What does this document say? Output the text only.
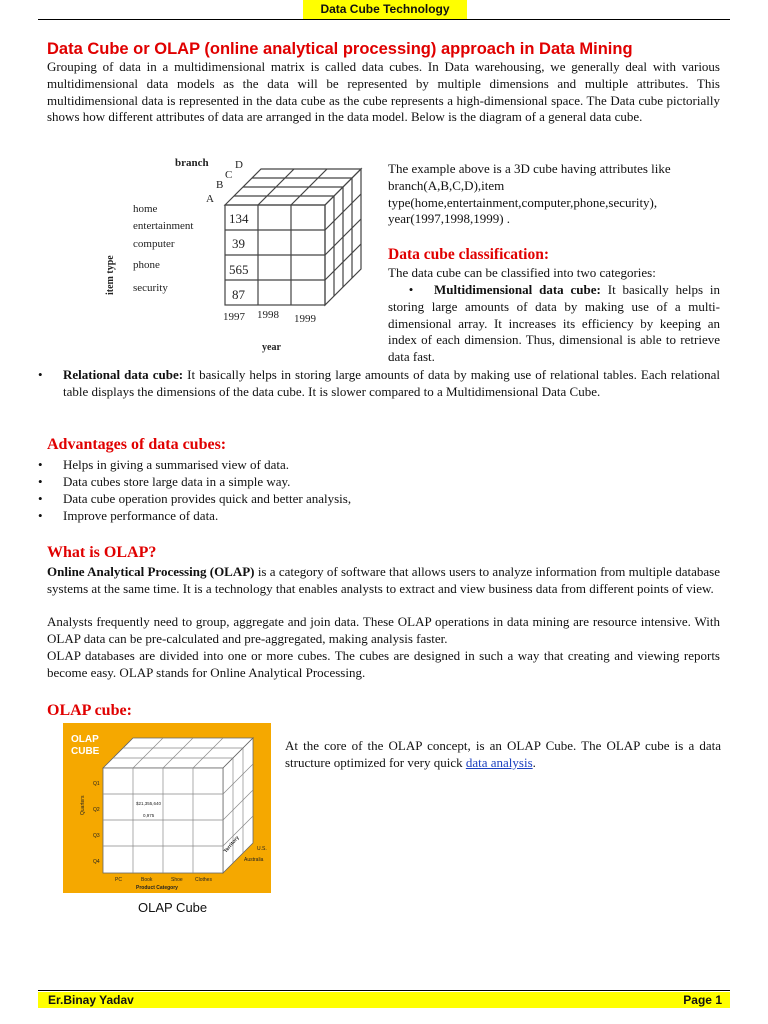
Data Cube Technology
Data Cube or OLAP (online analytical processing) approach in Data Mining

Grouping of data in a multidimensional matrix is called data cubes. In Data warehousing, we generally deal with various multidimensional data models as the data will be represented by multiple dimensions and multiple attributes. This multidimensional data is represented in the data cube as the cube represents a high-dimensional space. The Data cube pictorially shows how different attributes of data are arranged in the data model. Below is the diagram of a general data cube.

branch D
C
B
A
item type
home
entertainment
computer
phone
security
134
39
565
87
1997 1998 1999
year

The example above is a 3D cube having attributes like branch(A,B,C,D),item type(home,entertainment,computer,phone,security), year(1997,1998,1999) .

Data cube classification:

The data cube can be classified into two categories:

• Multidimensional data cube: It basically helps in storing large amounts of data by making use of a multi-dimensional array. It increases its efficiency by keeping an index of each dimension. Thus, dimensional is able to retrieve data fast.

• Relational data cube: It basically helps in storing large amounts of data by making use of relational tables. Each relational table displays the dimensions of the data cube. It is slower compared to a Multidimensional Data Cube.
Advantages of data cubes:
• Helps in giving a summarised view of data.
• Data cubes store large data in a simple way.
• Data cube operation provides quick and better analysis,
• Improve performance of data.
What is OLAP?

Online Analytical Processing (OLAP) is a category of software that allows users to analyze information from multiple database systems at the same time. It is a technology that enables analysts to extract and view business data from different points of view.

Analysts frequently need to group, aggregate and join data. These OLAP operations in data mining are resource intensive. With OLAP data can be pre-calculated and pre-aggregated, making analysis faster.

OLAP databases are divided into one or more cubes. The cubes are designed in such a way that creating and viewing reports become easy. OLAP stands for Online Analytical Processing.

OLAP cube:
OLAP
CUBE
Quarters
Q1
Q2
Q3
Q4
$21,355,640
0,975
PC	Book	Shoe Clothes
Product Category
Territory	U.S.
Australia
OLAP Cube

At the core of the OLAP concept, is an OLAP Cube. The OLAP cube is a data structure optimized for very quick data analysis.

Er.Binay Yadav	Page 1
